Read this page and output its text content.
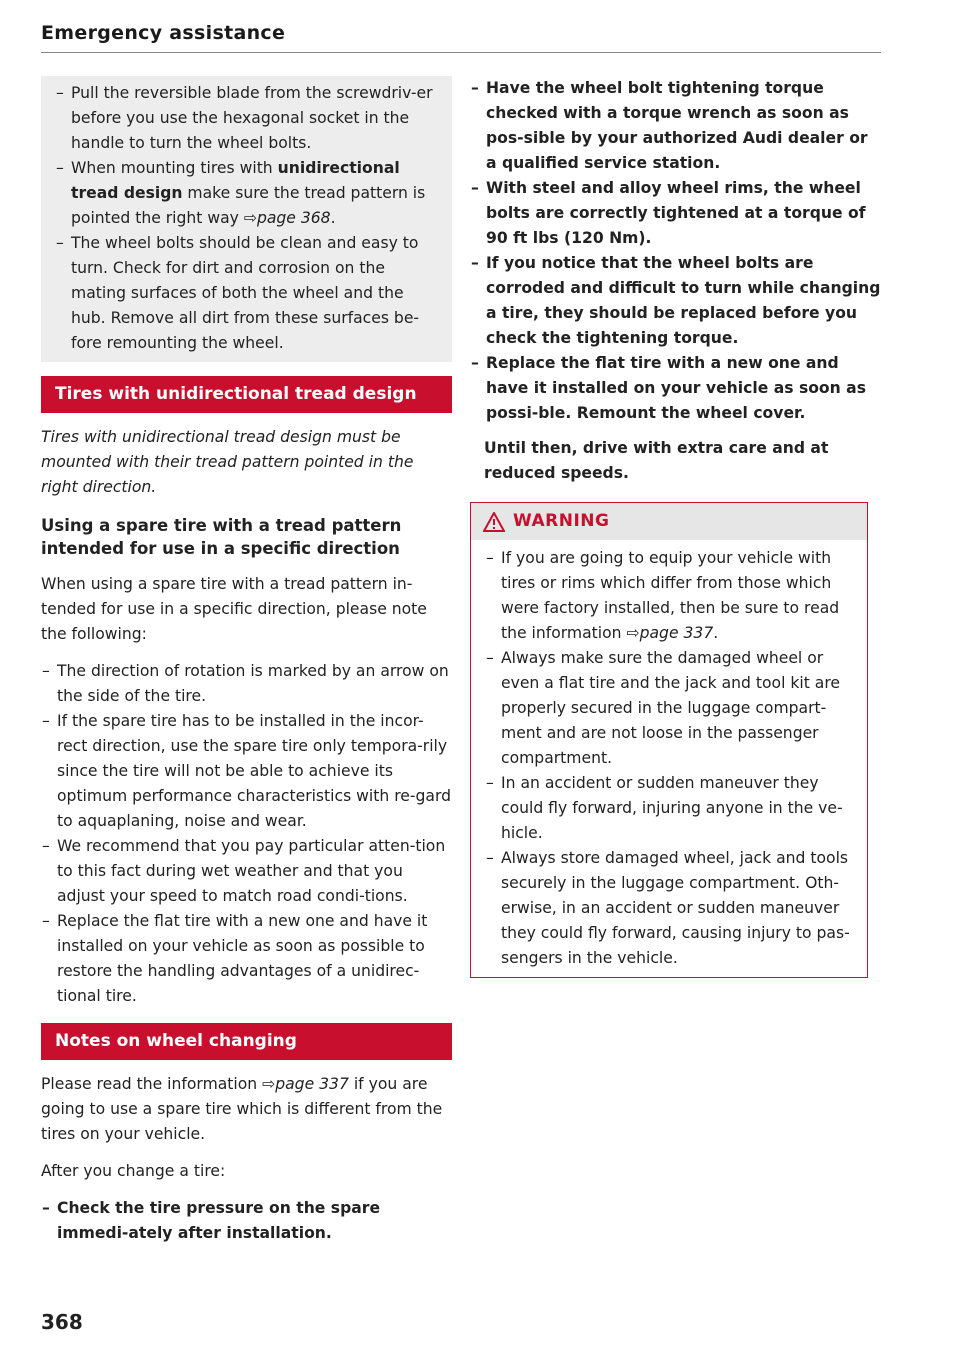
Emergency assistance
– Pull the reversible blade from the screwdriv-er before you use the hexagonal socket in the handle to turn the wheel bolts.
– When mounting tires with unidirectional tread design make sure the tread pattern is pointed the right way ⇨page 368.
– The wheel bolts should be clean and easy to turn. Check for dirt and corrosion on the mating surfaces of both the wheel and the hub. Remove all dirt from these surfaces be-fore remounting the wheel.
Tires with unidirectional tread design

Tires with unidirectional tread design must be mounted with their tread pattern pointed in the right direction.

Using a spare tire with a tread pattern intended for use in a specific direction

When using a spare tire with a tread pattern in-tended for use in a specific direction, please note the following:

– The direction of rotation is marked by an arrow on the side of the tire.
– If the spare tire has to be installed in the incor-rect direction, use the spare tire only tempora-rily since the tire will not be able to achieve its optimum performance characteristics with re-gard to aquaplaning, noise and wear.
– We recommend that you pay particular atten-tion to this fact during wet weather and that you adjust your speed to match road condi-tions.
– Replace the flat tire with a new one and have it installed on your vehicle as soon as possible to restore the handling advantages of a unidirec-tional tire.
Notes on wheel changing

Please read the information ⇨page 337 if you are going to use a spare tire which is different from the tires on your vehicle.

After you change a tire:

– Check the tire pressure on the spare immedi-ately after installation.
– Have the wheel bolt tightening torque checked with a torque wrench as soon as pos-sible by your authorized Audi dealer or a qualified service station.
– With steel and alloy wheel rims, the wheel bolts are correctly tightened at a torque of 90 ft lbs (120 Nm).
– If you notice that the wheel bolts are corroded and difficult to turn while changing a tire, they should be replaced before you check the tightening torque.
– Replace the flat tire with a new one and have it installed on your vehicle as soon as possi-ble. Remount the wheel cover.

Until then, drive with extra care and at reduced speeds.

WARNING
– If you are going to equip your vehicle with tires or rims which differ from those which were factory installed, then be sure to read the information ⇨page 337.
– Always make sure the damaged wheel or even a flat tire and the jack and tool kit are properly secured in the luggage compart-ment and are not loose in the passenger compartment.
– In an accident or sudden maneuver they could fly forward, injuring anyone in the ve-hicle.
– Always store damaged wheel, jack and tools securely in the luggage compartment. Oth-erwise, in an accident or sudden maneuver they could fly forward, causing injury to pas-sengers in the vehicle.
368
